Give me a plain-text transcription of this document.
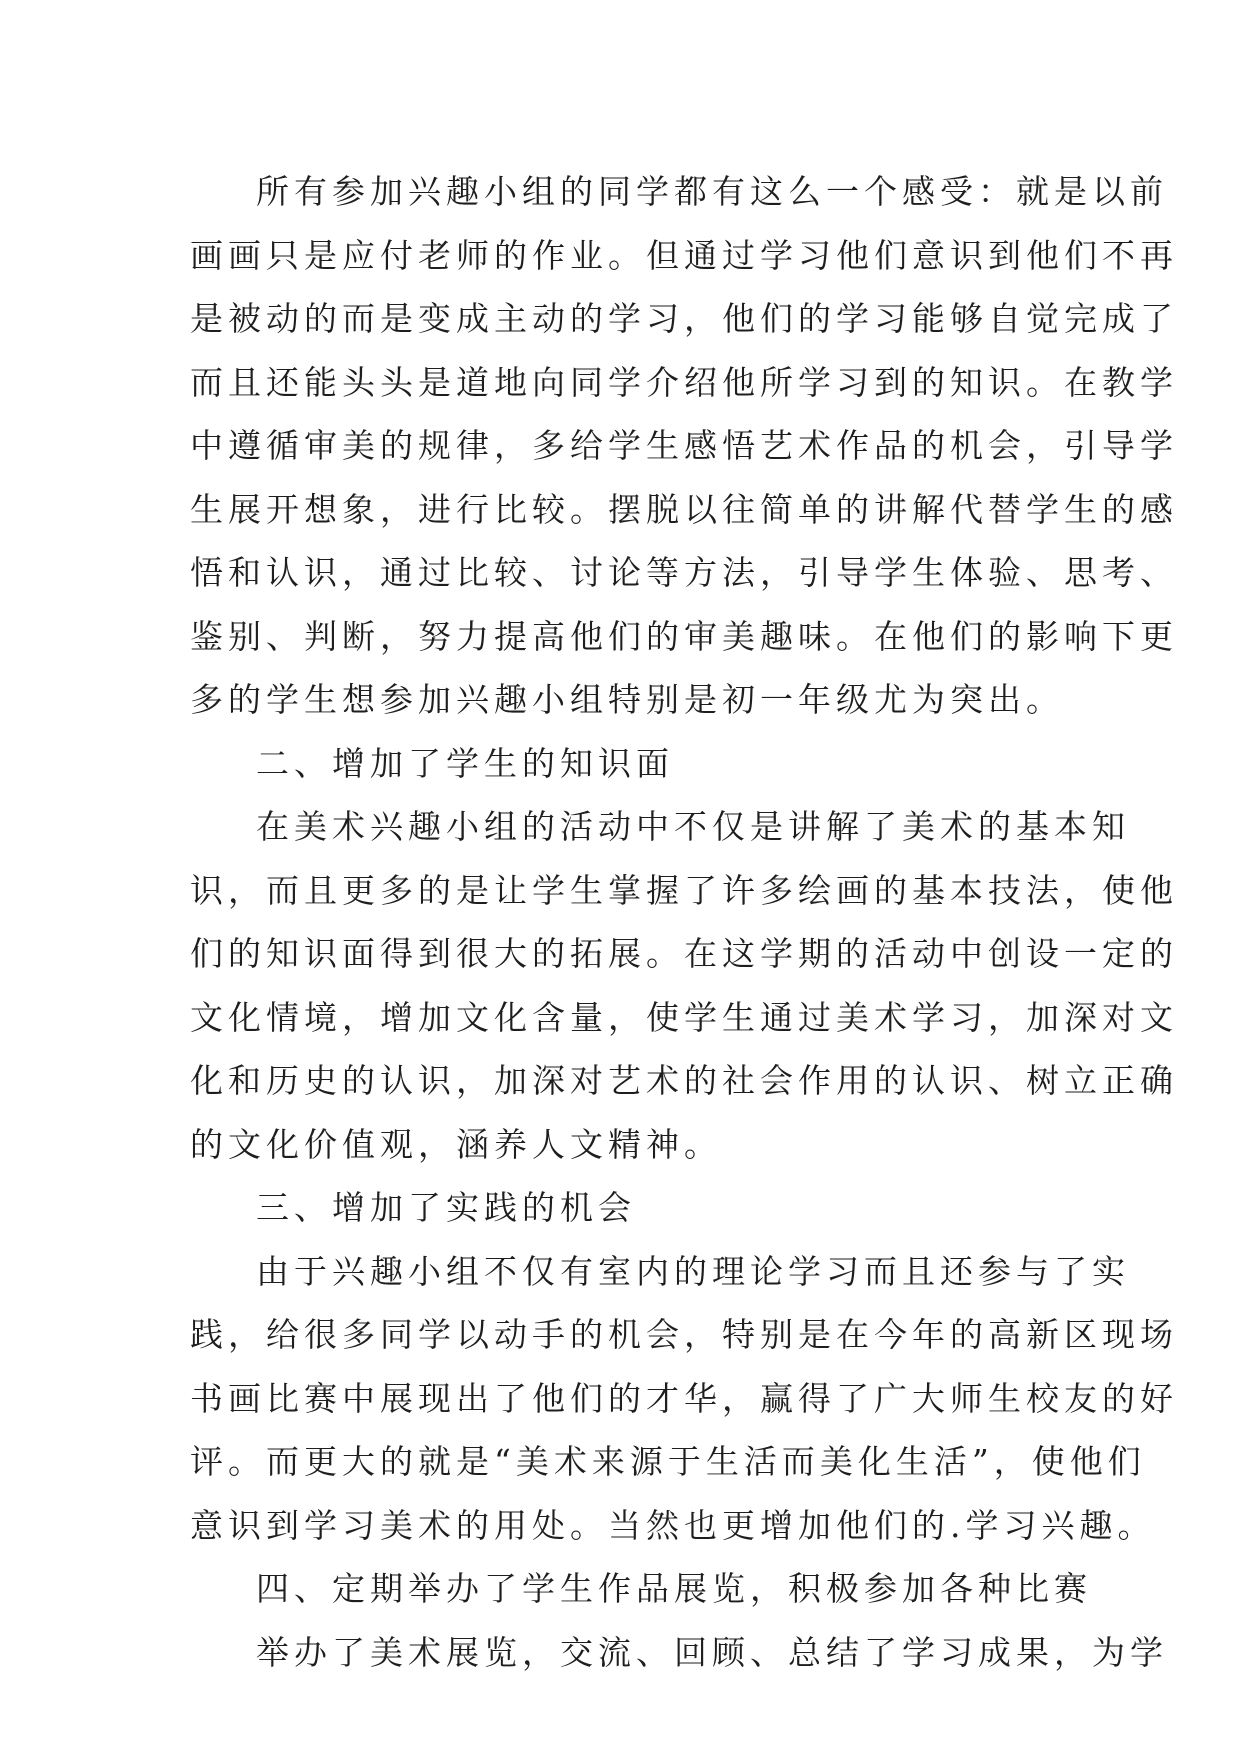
所有参加兴趣小组的同学都有这么一个感受：就是以前
画画只是应付老师的作业。但通过学习他们意识到他们不再
是被动的而是变成主动的学习，他们的学习能够自觉完成了
而且还能头头是道地向同学介绍他所学习到的知识。在教学
中遵循审美的规律，多给学生感悟艺术作品的机会，引导学
生展开想象，进行比较。摆脱以往简单的讲解代替学生的感
悟和认识，通过比较、讨论等方法，引导学生体验、思考、
鉴别、判断，努力提高他们的审美趣味。在他们的影响下更
多的学生想参加兴趣小组特别是初一年级尤为突出。
二、增加了学生的知识面
在美术兴趣小组的活动中不仅是讲解了美术的基本知
识，而且更多的是让学生掌握了许多绘画的基本技法，使他
们的知识面得到很大的拓展。在这学期的活动中创设一定的
文化情境，增加文化含量，使学生通过美术学习，加深对文
化和历史的认识，加深对艺术的社会作用的认识、树立正确
的文化价值观，涵养人文精神。
三、增加了实践的机会
由于兴趣小组不仅有室内的理论学习而且还参与了实
践，给很多同学以动手的机会，特别是在今年的高新区现场
书画比赛中展现出了他们的才华，赢得了广大师生校友的好
评。而更大的就是“美术来源于生活而美化生活”，使他们
意识到学习美术的用处。当然也更增加他们的.学习兴趣。
四、定期举办了学生作品展览，积极参加各种比赛
举办了美术展览，交流、回顾、总结了学习成果，为学
